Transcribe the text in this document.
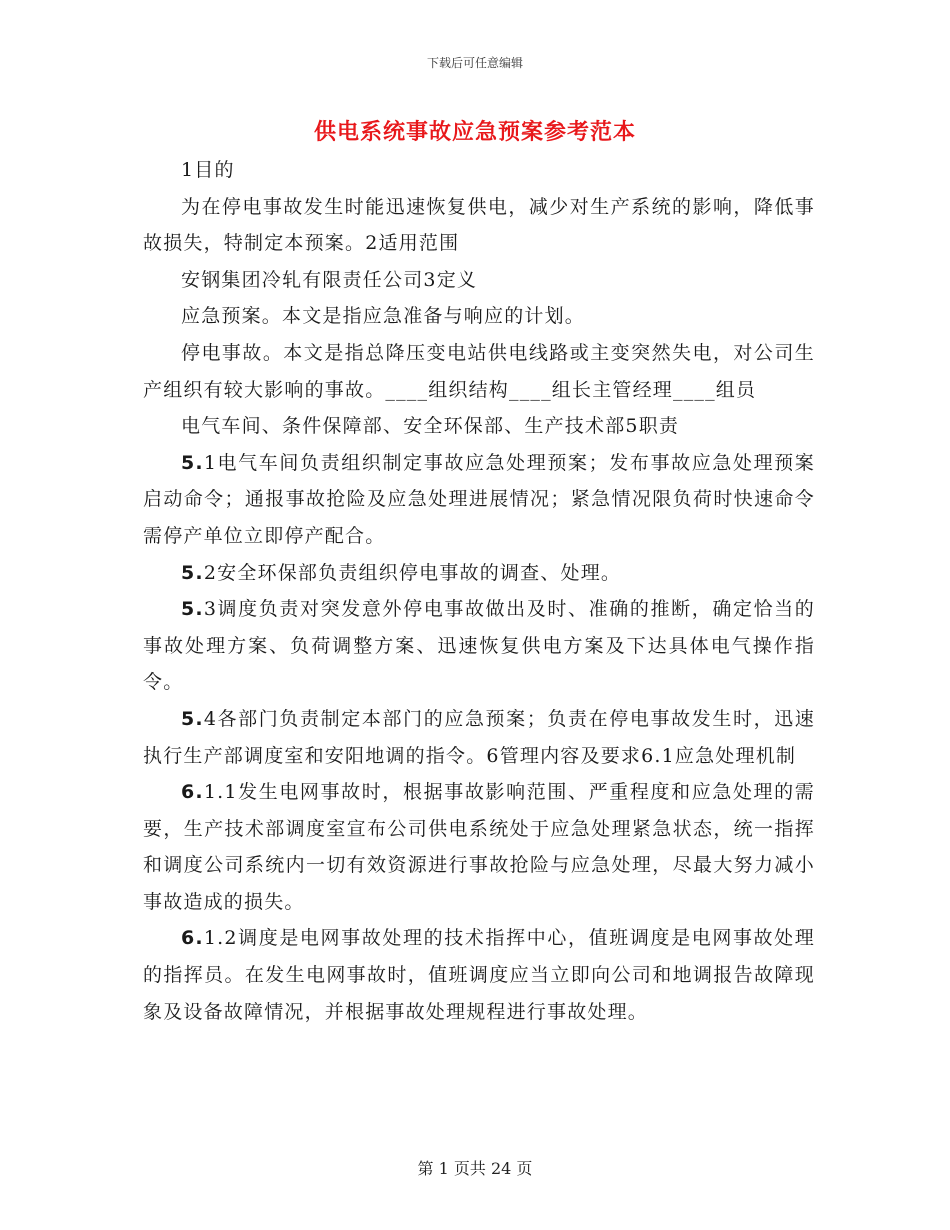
下载后可任意编辑
供电系统事故应急预案参考范本

1目的

为在停电事故发生时能迅速恢复供电，减少对生产系统的影响，降低事故损失，特制定本预案。2适用范围

安钢集团冷轧有限责任公司3定义

应急预案。本文是指应急准备与响应的计划。

停电事故。本文是指总降压变电站供电线路或主变突然失电，对公司生产组织有较大影响的事故。____组织结构____组长主管经理____组员

电气车间、条件保障部、安全环保部、生产技术部5职责

5.1电气车间负责组织制定事故应急处理预案；发布事故应急处理预案启动命令；通报事故抢险及应急处理进展情况；紧急情况限负荷时快速命令需停产单位立即停产配合。

5.2安全环保部负责组织停电事故的调查、处理。

5.3调度负责对突发意外停电事故做出及时、准确的推断，确定恰当的事故处理方案、负荷调整方案、迅速恢复供电方案及下达具体电气操作指令。

5.4各部门负责制定本部门的应急预案；负责在停电事故发生时，迅速执行生产部调度室和安阳地调的指令。6管理内容及要求6.1应急处理机制

6.1.1发生电网事故时，根据事故影响范围、严重程度和应急处理的需要，生产技术部调度室宣布公司供电系统处于应急处理紧急状态，统一指挥和调度公司系统内一切有效资源进行事故抢险与应急处理，尽最大努力减小事故造成的损失。

6.1.2调度是电网事故处理的技术指挥中心，值班调度是电网事故处理的指挥员。在发生电网事故时，值班调度应当立即向公司和地调报告故障现象及设备故障情况，并根据事故处理规程进行事故处理。

第 1 页共 24 页
